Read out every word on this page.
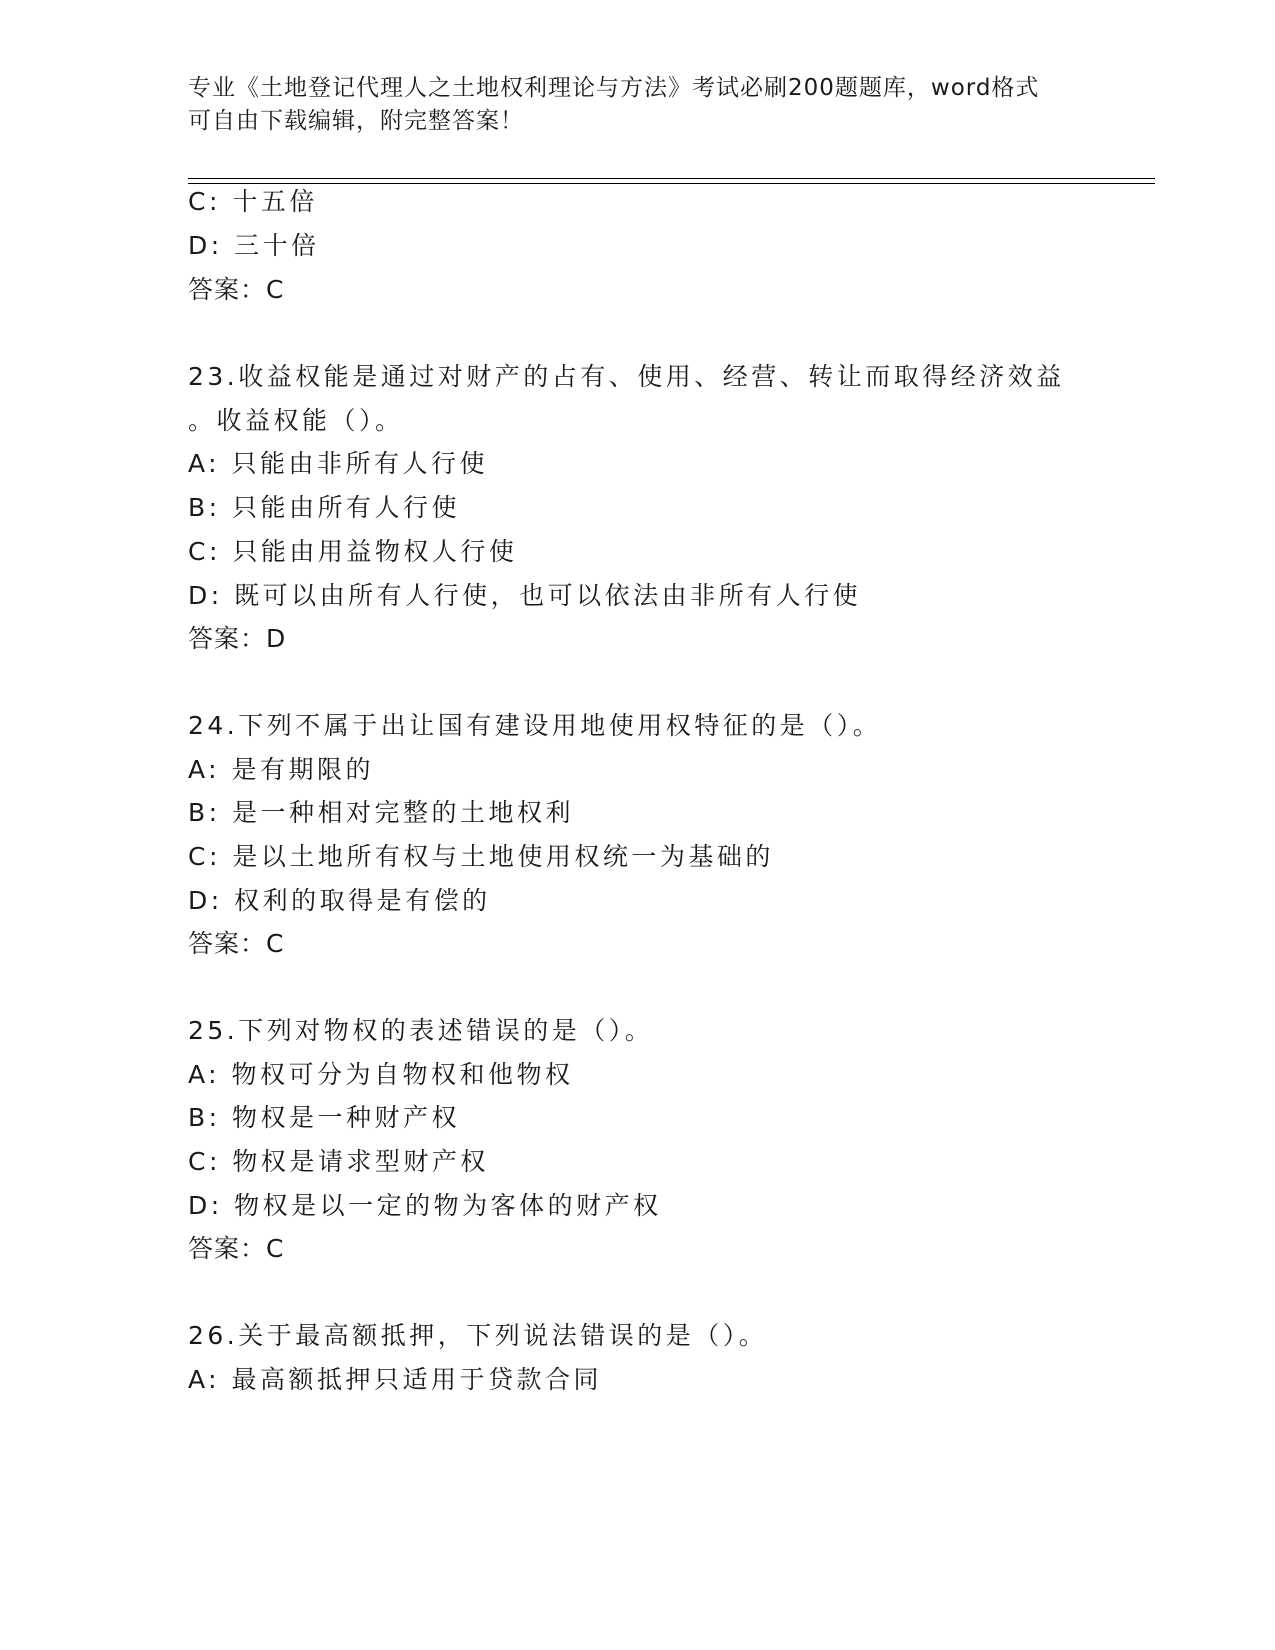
专业《土地登记代理人之土地权利理论与方法》考试必刷200题题库，word格式
可自由下载编辑，附完整答案！
C: 十五倍
D: 三十倍
答案：C
23.收益权能是通过对财产的占有、使用、经营、转让而取得经济效益
。收益权能（）。
A: 只能由非所有人行使
B: 只能由所有人行使
C: 只能由用益物权人行使
D: 既可以由所有人行使，也可以依法由非所有人行使
答案：D
24.下列不属于出让国有建设用地使用权特征的是（）。
A: 是有期限的
B: 是一种相对完整的土地权利
C: 是以土地所有权与土地使用权统一为基础的
D: 权利的取得是有偿的
答案：C
25.下列对物权的表述错误的是（）。
A: 物权可分为自物权和他物权
B: 物权是一种财产权
C: 物权是请求型财产权
D: 物权是以一定的物为客体的财产权
答案：C
26.关于最高额抵押，下列说法错误的是（）。
A: 最高额抵押只适用于贷款合同
